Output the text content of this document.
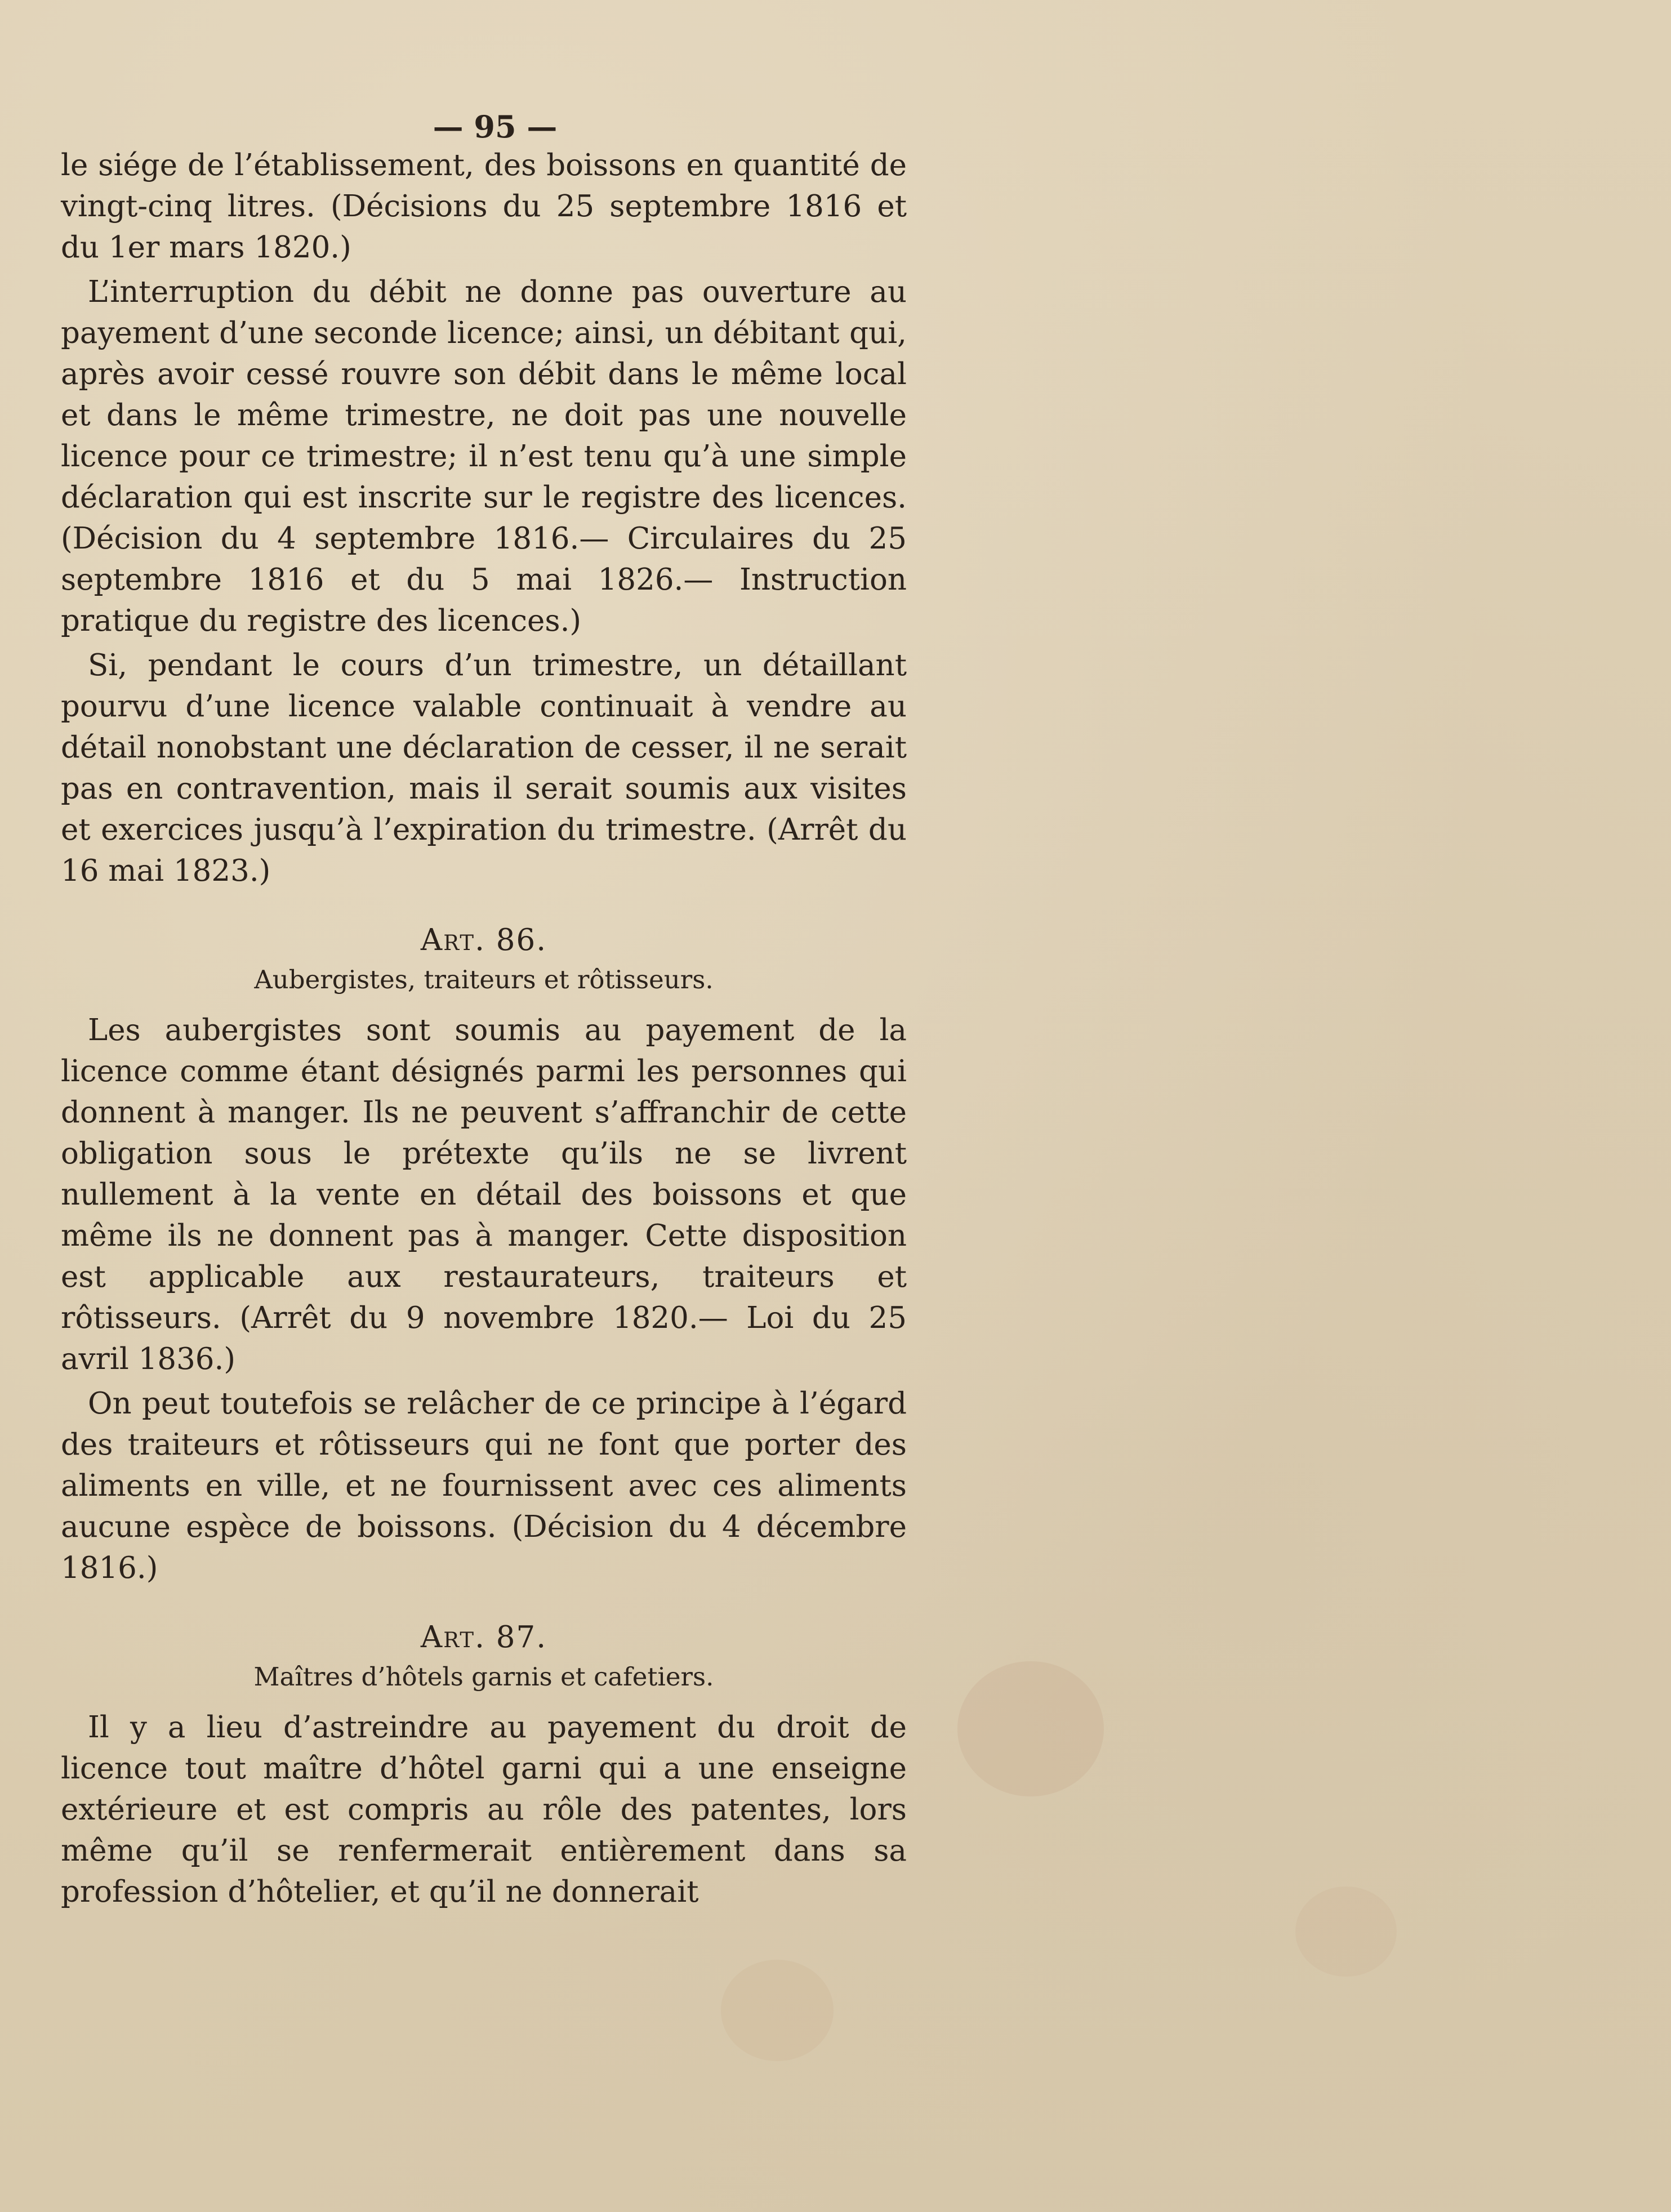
— 95 —

le siége de l’établissement, des boissons en quantité de vingt-cinq litres. (Décisions du 25 septembre 1816 et du 1er mars 1820.)

L’interruption du débit ne donne pas ouverture au payement d’une seconde licence; ainsi, un débitant qui, après avoir cessé rouvre son débit dans le même local et dans le même trimestre, ne doit pas une nouvelle licence pour ce trimestre; il n’est tenu qu’à une simple déclaration qui est inscrite sur le registre des licences. (Décision du 4 septembre 1816.— Circulaires du 25 septembre 1816 et du 5 mai 1826.— Instruction pratique du registre des licences.)

Si, pendant le cours d’un trimestre, un détaillant pourvu d’une licence valable continuait à vendre au détail nonobstant une déclaration de cesser, il ne serait pas en contravention, mais il serait soumis aux visites et exercices jusqu’à l’expiration du trimestre. (Arrêt du 16 mai 1823.)

Art. 86.
Aubergistes, traiteurs et rôtisseurs.

Les aubergistes sont soumis au payement de la licence comme étant désignés parmi les personnes qui donnent à manger. Ils ne peuvent s’affranchir de cette obligation sous le prétexte qu’ils ne se livrent nullement à la vente en détail des boissons et que même ils ne donnent pas à manger. Cette disposition est applicable aux restaurateurs, traiteurs et rôtisseurs. (Arrêt du 9 novembre 1820.— Loi du 25 avril 1836.)

On peut toutefois se relâcher de ce principe à l’égard des traiteurs et rôtisseurs qui ne font que porter des aliments en ville, et ne fournissent avec ces aliments aucune espèce de boissons. (Décision du 4 décembre 1816.)

Art. 87.
Maîtres d’hôtels garnis et cafetiers.

Il y a lieu d’astreindre au payement du droit de licence tout maître d’hôtel garni qui a une enseigne extérieure et est compris au rôle des patentes, lors même qu’il se renfermerait entièrement dans sa profession d’hôtelier, et qu’il ne donnerait
